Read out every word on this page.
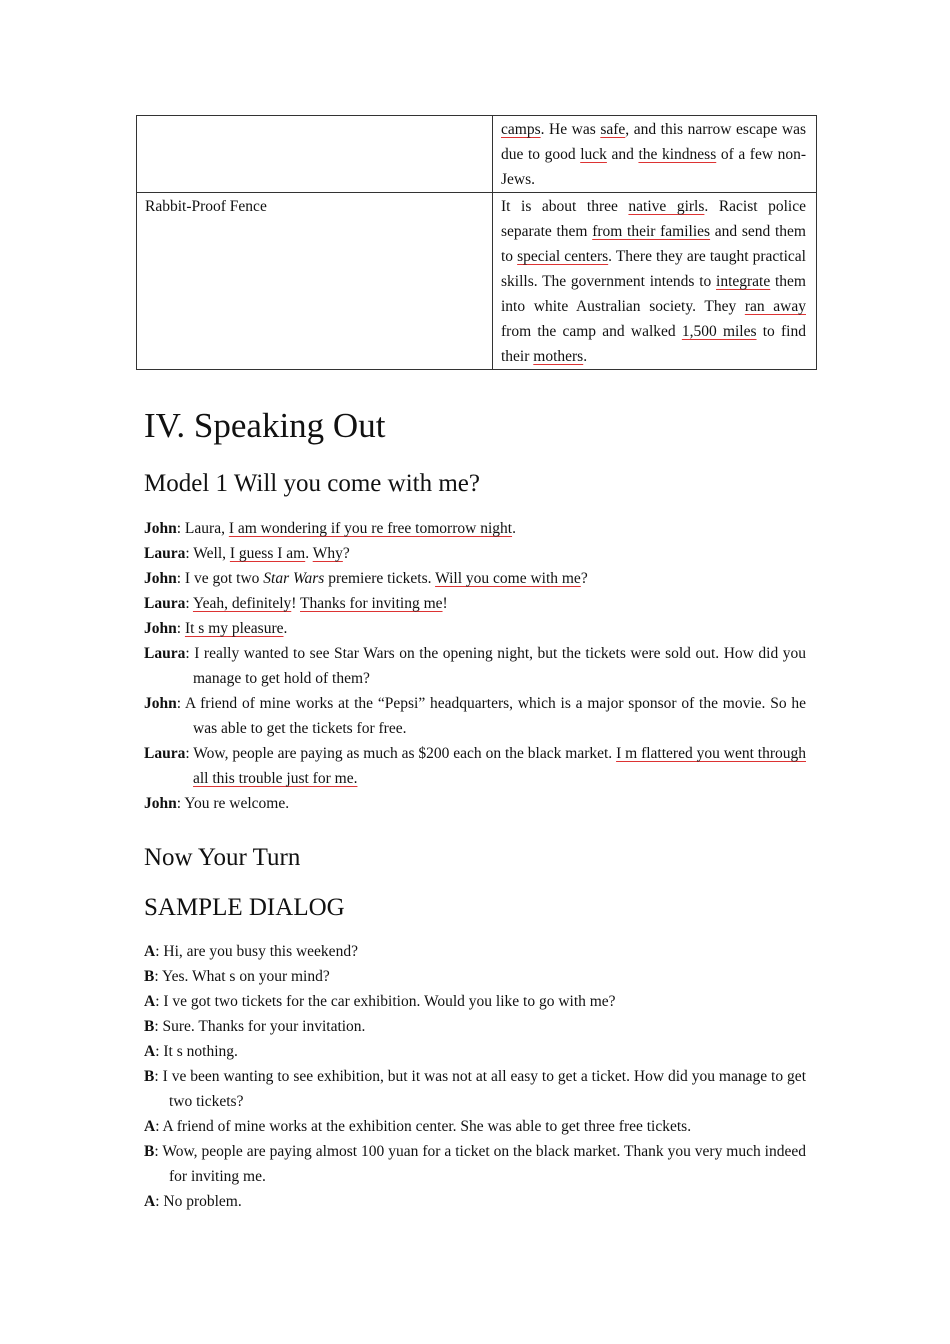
	camps. He was safe, and this narrow escape was due to good luck and the kindness of a few non-Jews.
Rabbit-Proof Fence	It is about three native girls. Racist police separate them from their families and send them to special centers. There they are taught practical skills. The government intends to integrate them into white Australian society. They ran away from the camp and walked 1,500 miles to find their mothers.
IV. Speaking Out
Model 1 Will you come with me?

John: Laura, I am wondering if you re free tomorrow night.

Laura: Well, I guess I am. Why?

John: I ve got two Star Wars premiere tickets. Will you come with me?

Laura: Yeah, definitely! Thanks for inviting me!

John: It s my pleasure.

Laura: I really wanted to see Star Wars on the opening night, but the tickets were sold out. How did you manage to get hold of them?

John: A friend of mine works at the “Pepsi” headquarters, which is a major sponsor of the movie. So he was able to get the tickets for free.

Laura: Wow, people are paying as much as $200 each on the black market. I m flattered you went through all this trouble just for me.

John: You re welcome.

Now Your Turn
SAMPLE DIALOG

A: Hi, are you busy this weekend?

B: Yes. What s on your mind?

A: I ve got two tickets for the car exhibition. Would you like to go with me?

B: Sure. Thanks for your invitation.

A: It s nothing.

B: I ve been wanting to see exhibition, but it was not at all easy to get a ticket. How did you manage to get two tickets?

A: A friend of mine works at the exhibition center. She was able to get three free tickets.

B: Wow, people are paying almost 100 yuan for a ticket on the black market. Thank you very much indeed for inviting me.

A: No problem.
